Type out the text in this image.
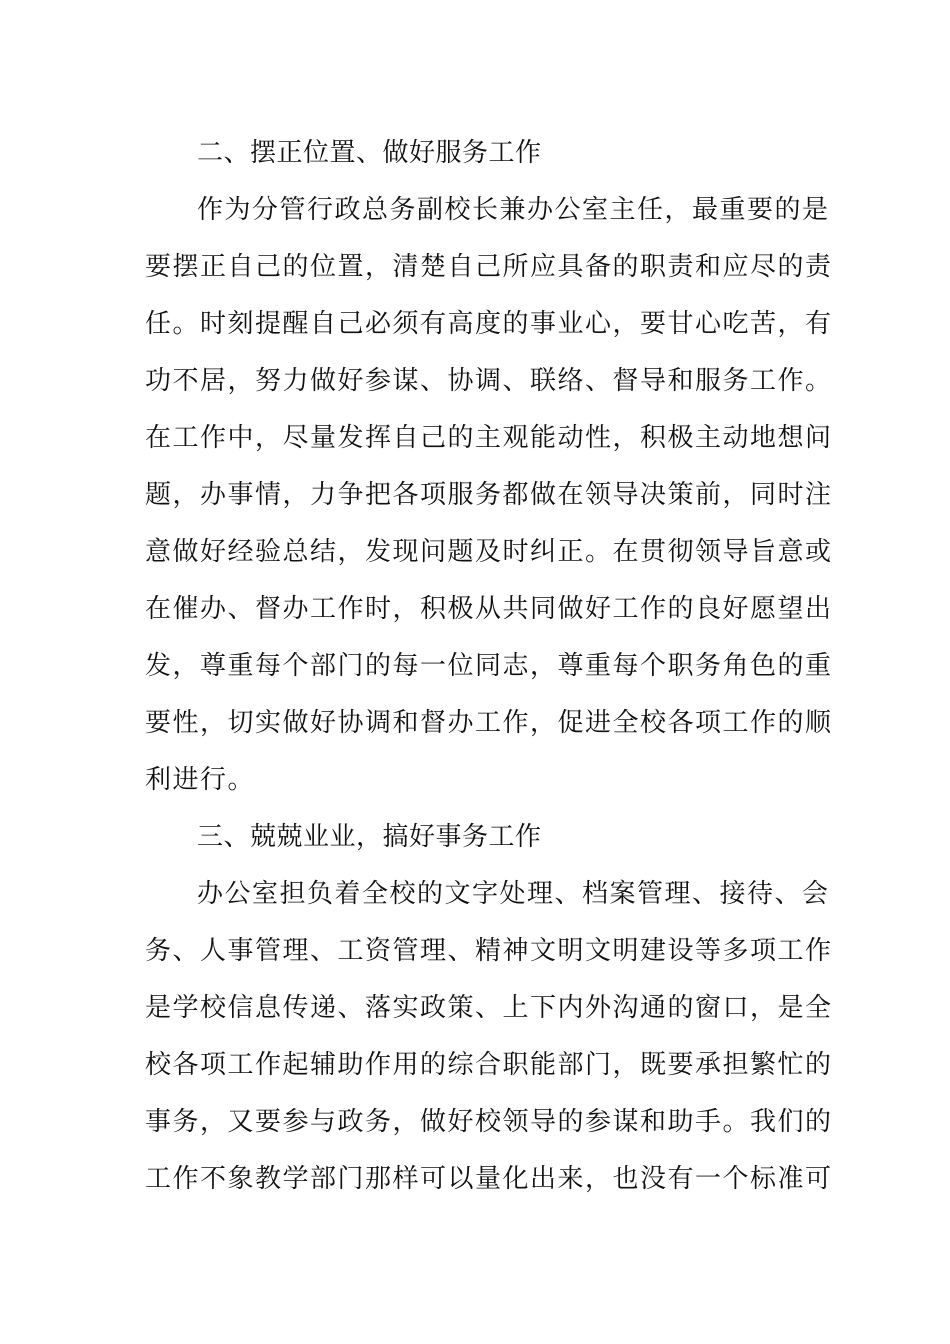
二、摆正位置、做好服务工作
作为分管行政总务副校长兼办公室主任，最重要的是
要摆正自己的位置，清楚自己所应具备的职责和应尽的责
任。时刻提醒自己必须有高度的事业心，要甘心吃苦，有
功不居，努力做好参谋、协调、联络、督导和服务工作。
在工作中，尽量发挥自己的主观能动性，积极主动地想问
题，办事情，力争把各项服务都做在领导决策前，同时注
意做好经验总结，发现问题及时纠正。在贯彻领导旨意或
在催办、督办工作时，积极从共同做好工作的良好愿望出
发，尊重每个部门的每一位同志，尊重每个职务角色的重
要性，切实做好协调和督办工作，促进全校各项工作的顺
利进行。
三、兢兢业业，搞好事务工作
办公室担负着全校的文字处理、档案管理、接待、会
务、人事管理、工资管理、精神文明文明建设等多项工作
是学校信息传递、落实政策、上下内外沟通的窗口，是全
校各项工作起辅助作用的综合职能部门，既要承担繁忙的
事务，又要参与政务，做好校领导的参谋和助手。我们的
工作不象教学部门那样可以量化出来，也没有一个标准可
